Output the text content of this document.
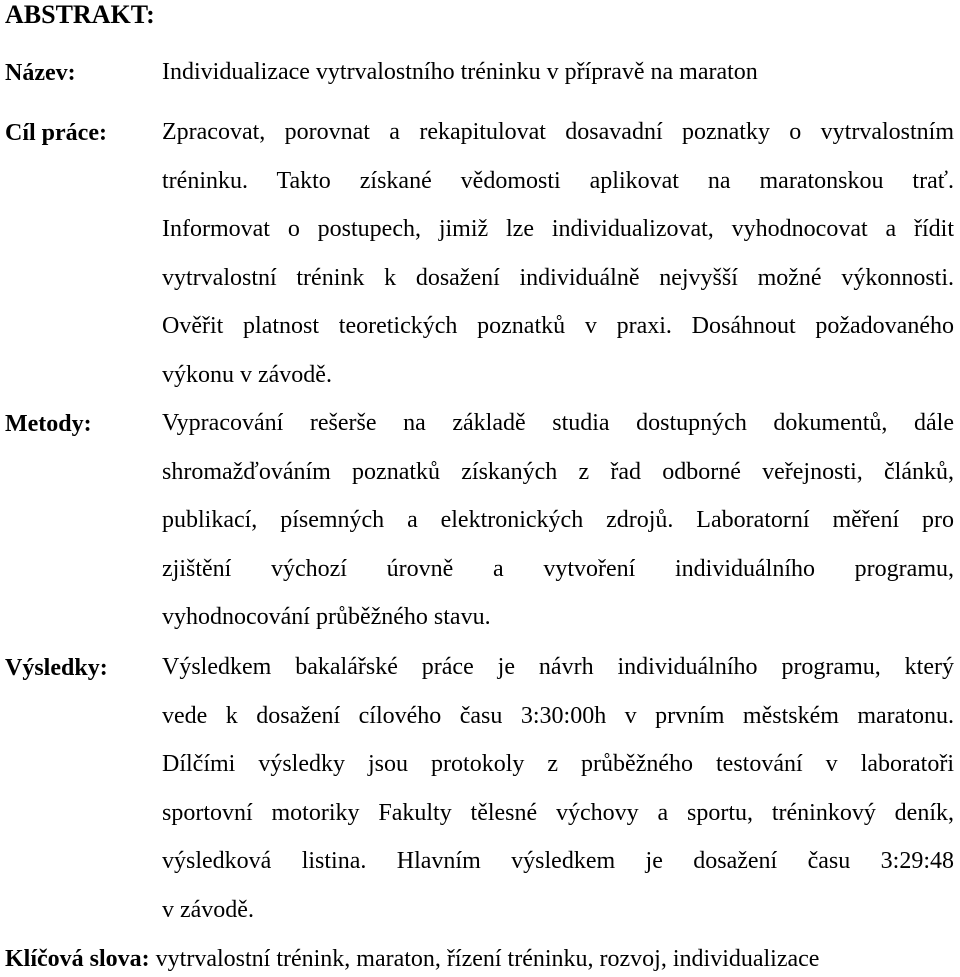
ABSTRAKT:
Název:	Individualizace vytrvalostního tréninku v přípravě na maraton
Cíl práce: Zpracovat, porovnat a rekapitulovat dosavadní poznatky o vytrvalostním
tréninku. Takto získané vědomosti aplikovat na maratonskou trať.
Informovat o postupech, jimiž lze individualizovat, vyhodnocovat a řídit
vytrvalostní trénink k dosažení individuálně nejvyšší možné výkonnosti.
Ověřit platnost teoretických poznatků v praxi. Dosáhnout požadovaného
výkonu v závodě.
Metody:	Vypracování rešerše na základě studia dostupných dokumentů, dále
shromažďováním poznatků získaných z řad odborné veřejnosti, článků,
publikací, písemných a elektronických zdrojů. Laboratorní měření pro
zjištění výchozí úrovně a vytvoření individuálního programu,
vyhodnocování průběžného stavu.
Výsledky: Výsledkem bakalářské práce je návrh individuálního programu, který
vede k dosažení cílového času 3:30:00h v prvním městském maratonu.
Dílčími výsledky jsou protokoly z průběžného testování v laboratoři
sportovní motoriky Fakulty tělesné výchovy a sportu, tréninkový deník,
výsledková listina. Hlavním výsledkem je dosažení času 3:29:48
v závodě.
Klíčová slova: vytrvalostní trénink, maraton, řízení tréninku, rozvoj, individualizace
